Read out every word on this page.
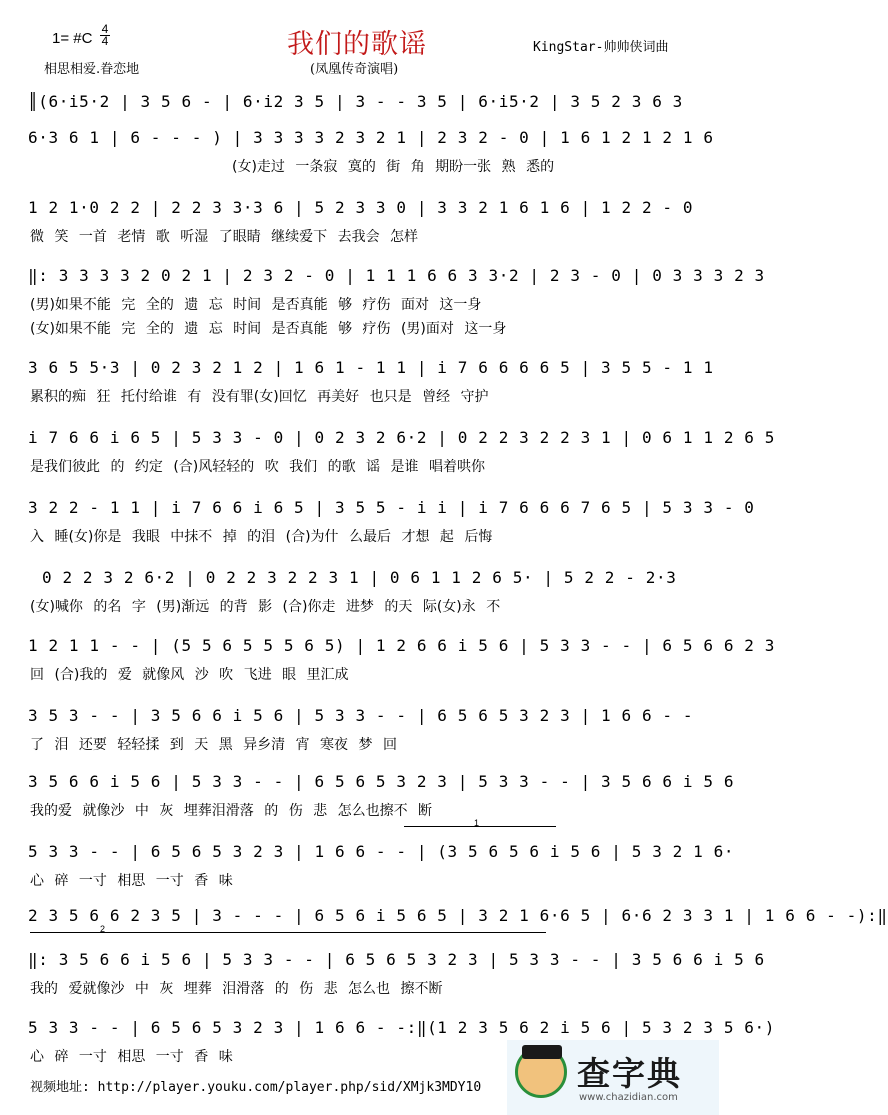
1= #C
4
4	我们的歌谣	KingStar-帅帅侠词曲
相思相爱.眷恋地	(凤凰传奇演唱)
║(6·i5·2 | 3 5 6 - | 6·i2 3 5 | 3 - - 3 5 | 6·i5·2 | 3 5 2 3 6 3
6·3 6 1 | 6 - - - ) | 3 3 3 3 2 3 2 1 | 2 3 2 - 0 | 1 6 1 2 1 2 1 6
(女)走过 一条寂 寞的 街 角 期盼一张 熟 悉的
1 2 1·0 2 2 | 2 2 3 3·3 6 | 5 2 3 3 0 | 3 3 2 1 6 1 6 | 1 2 2 - 0
微 笑 一首 老情 歌 听湿 了眼睛 继续爱下 去我会 怎样
‖: 3 3 3 3 2 0 2 1 | 2 3 2 - 0 | 1 1 1 6 6 3 3·2 | 2 3 - 0 | 0 3 3 3 2 3
(男)如果不能 完 全的 遗 忘 时间 是否真能 够 疗伤 面对 这一身
(女)如果不能 完 全的 遗 忘 时间 是否真能 够 疗伤 (男)面对 这一身
3 6 5 5·3 | 0 2 3 2 1 2 | 1 6 1 - 1 1 | i 7 6 6 6 6 5 | 3 5 5 - 1 1
累积的痴 狂 托付给谁 有 没有罪(女)回忆 再美好 也只是 曾经 守护
i 7 6 6 i 6 5 | 5 3 3 - 0 | 0 2 3 2 6·2 | 0 2 2 3 2 2 3 1 | 0 6 1 1 2 6 5
是我们彼此 的 约定 (合)风轻轻的 吹 我们 的歌 谣 是谁 唱着哄你
3 2 2 - 1 1 | i 7 6 6 i 6 5 | 3 5 5 - i i | i 7 6 6 6 7 6 5 | 5 3 3 - 0
入 睡(女)你是 我眼 中抹不 掉 的泪 (合)为什 么最后 才想 起 后悔
0 2 2 3 2 6·2 | 0 2 2 3 2 2 3 1 | 0 6 1 1 2 6 5· | 5 2 2 - 2·3
(女)喊你 的名 字 (男)渐远 的背 影 (合)你走 进梦 的天 际(女)永 不
1 2 1 1 - - | (5 5 6 5 5 5 6 5) | 1 2 6 6 i 5 6 | 5 3 3 - - | 6 5 6 6 2 3
回 (合)我的 爱 就像风 沙 吹 飞进 眼 里汇成
3 5 3 - - | 3 5 6 6 i 5 6 | 5 3 3 - - | 6 5 6 5 3 2 3 | 1 6 6 - -
了 泪 还要 轻轻揉 到 天 黑 异乡清 宵 寒夜 梦 回
3 5 6 6 i 5 6 | 5 3 3 - - | 6 5 6 5 3 2 3 | 5 3 3 - - | 3 5 6 6 i 5 6
我的爱 就像沙 中 灰 埋葬泪滑落 的 伤 悲 怎么也擦不 断
1
5 3 3 - - | 6 5 6 5 3 2 3 | 1 6 6 - - | (3 5 6 5 6 i 5 6 | 5 3 2 1 6·
心 碎 一寸 相思 一寸 香 味
2 3 5 6 6 2 3 5 | 3 - - - | 6 5 6 i 5 6 5 | 3 2 1 6·6 5 | 6·6 2 3 3 1 | 1 6 6 - -):‖
2
‖: 3 5 6 6 i 5 6 | 5 3 3 - - | 6 5 6 5 3 2 3 | 5 3 3 - - | 3 5 6 6 i 5 6
我的 爱就像沙 中 灰 埋葬 泪滑落 的 伤 悲 怎么也 擦不断
5 3 3 - - | 6 5 6 5 3 2 3 | 1 6 6 - -:‖(1 2 3 5 6 2 i 5 6 | 5 3 2 3 5 6·)
心 碎 一寸 相思 一寸 香 味
视频地址: http://player.youku.com/player.php/sid/XMjk3MDY10	查字典
www.chazidian.com
